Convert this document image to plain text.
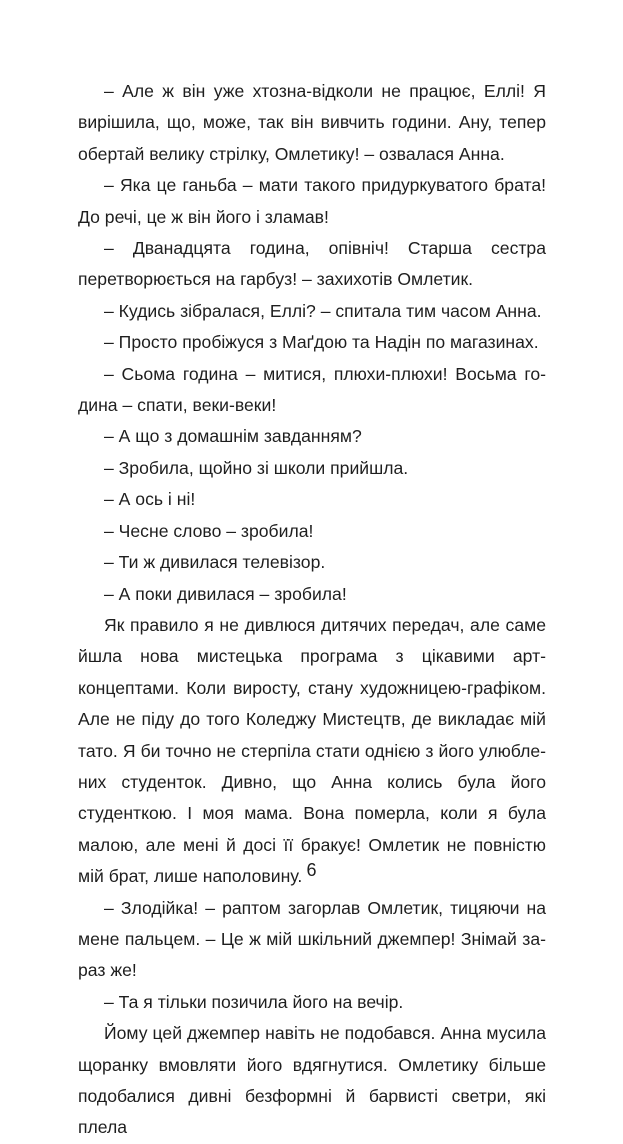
– Але ж він уже хтозна-відколи не працює, Еллі! Я вирішила, що, може, так він вивчить години. Ану, тепер обертай велику стрілку, Омлетику! – озвалася Анна.

– Яка це ганьба – мати такого придуркуватого брата! До речі, це ж він його і зламав!

– Дванадцята година, опівніч! Старша сестра перетворюється на гарбуз! – захихотів Омлетик.

– Кудись зібралася, Еллі? – спитала тим часом Анна.

– Просто пробіжуся з Маґдою та Надін по магазинах.

– Сьома година – митися, плюхи-плюхи! Восьма година – спати, веки-веки!

– А що з домашнім завданням?

– Зробила, щойно зі школи прийшла.

– А ось і ні!

– Чесне слово – зробила!

– Ти ж дивилася телевізор.

– А поки дивилася – зробила!

Як правило я не дивлюся дитячих передач, але саме йшла нова мистецька програма з цікавими арт-концептами. Коли виросту, стану художницею-графіком. Але не піду до того Коледжу Мистецтв, де викладає мій тато. Я би точно не стерпіла стати однією з його улюблених студенток. Дивно, що Анна колись була його студенткою. І моя мама. Вона померла, коли я була малою, але мені й досі її бракує! Омлетик не повністю мій брат, лише наполовину.

– Злодійка! – раптом загорлав Омлетик, тицяючи на мене пальцем. – Це ж мій шкільний джемпер! Знімай зараз же!

– Та я тільки позичила його на вечір.

Йому цей джемпер навіть не подобався. Анна мусила щоранку вмовляти його вдягнутися. Омлетику більше подобалися дивні безформні й барвисті светри, які плела

6
